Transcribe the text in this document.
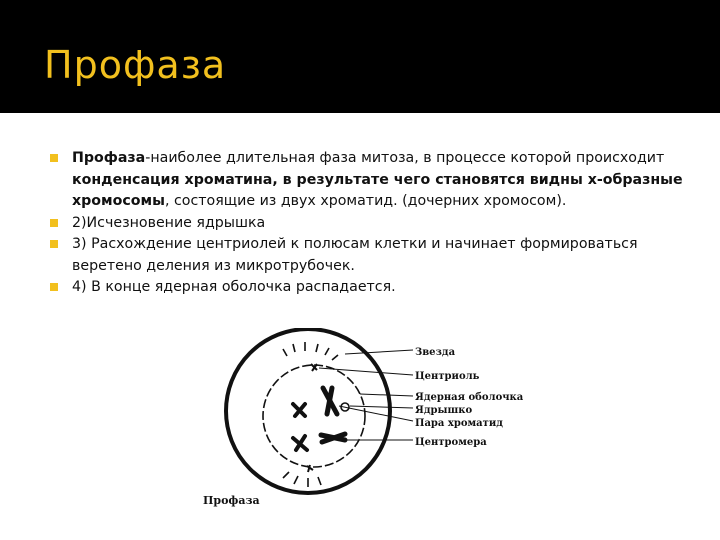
Профаза
Профаза-наиболее длительная фаза митоза, в процессе которой происходит конденсация хроматина, в результате чего становятся видны х-образные хромосомы, состоящие из двух хроматид. (дочерних хромосом).
2)Исчезновение ядрышка
3) Расхождение центриолей к полюсам клетки и начинает формироваться веретено деления из микротрубочек.
4) В конце ядерная оболочка распадается.
Звезда
Центриоль
Ядерная оболочка
Ядрышко
Пара хроматид
Центромера
Профаза
